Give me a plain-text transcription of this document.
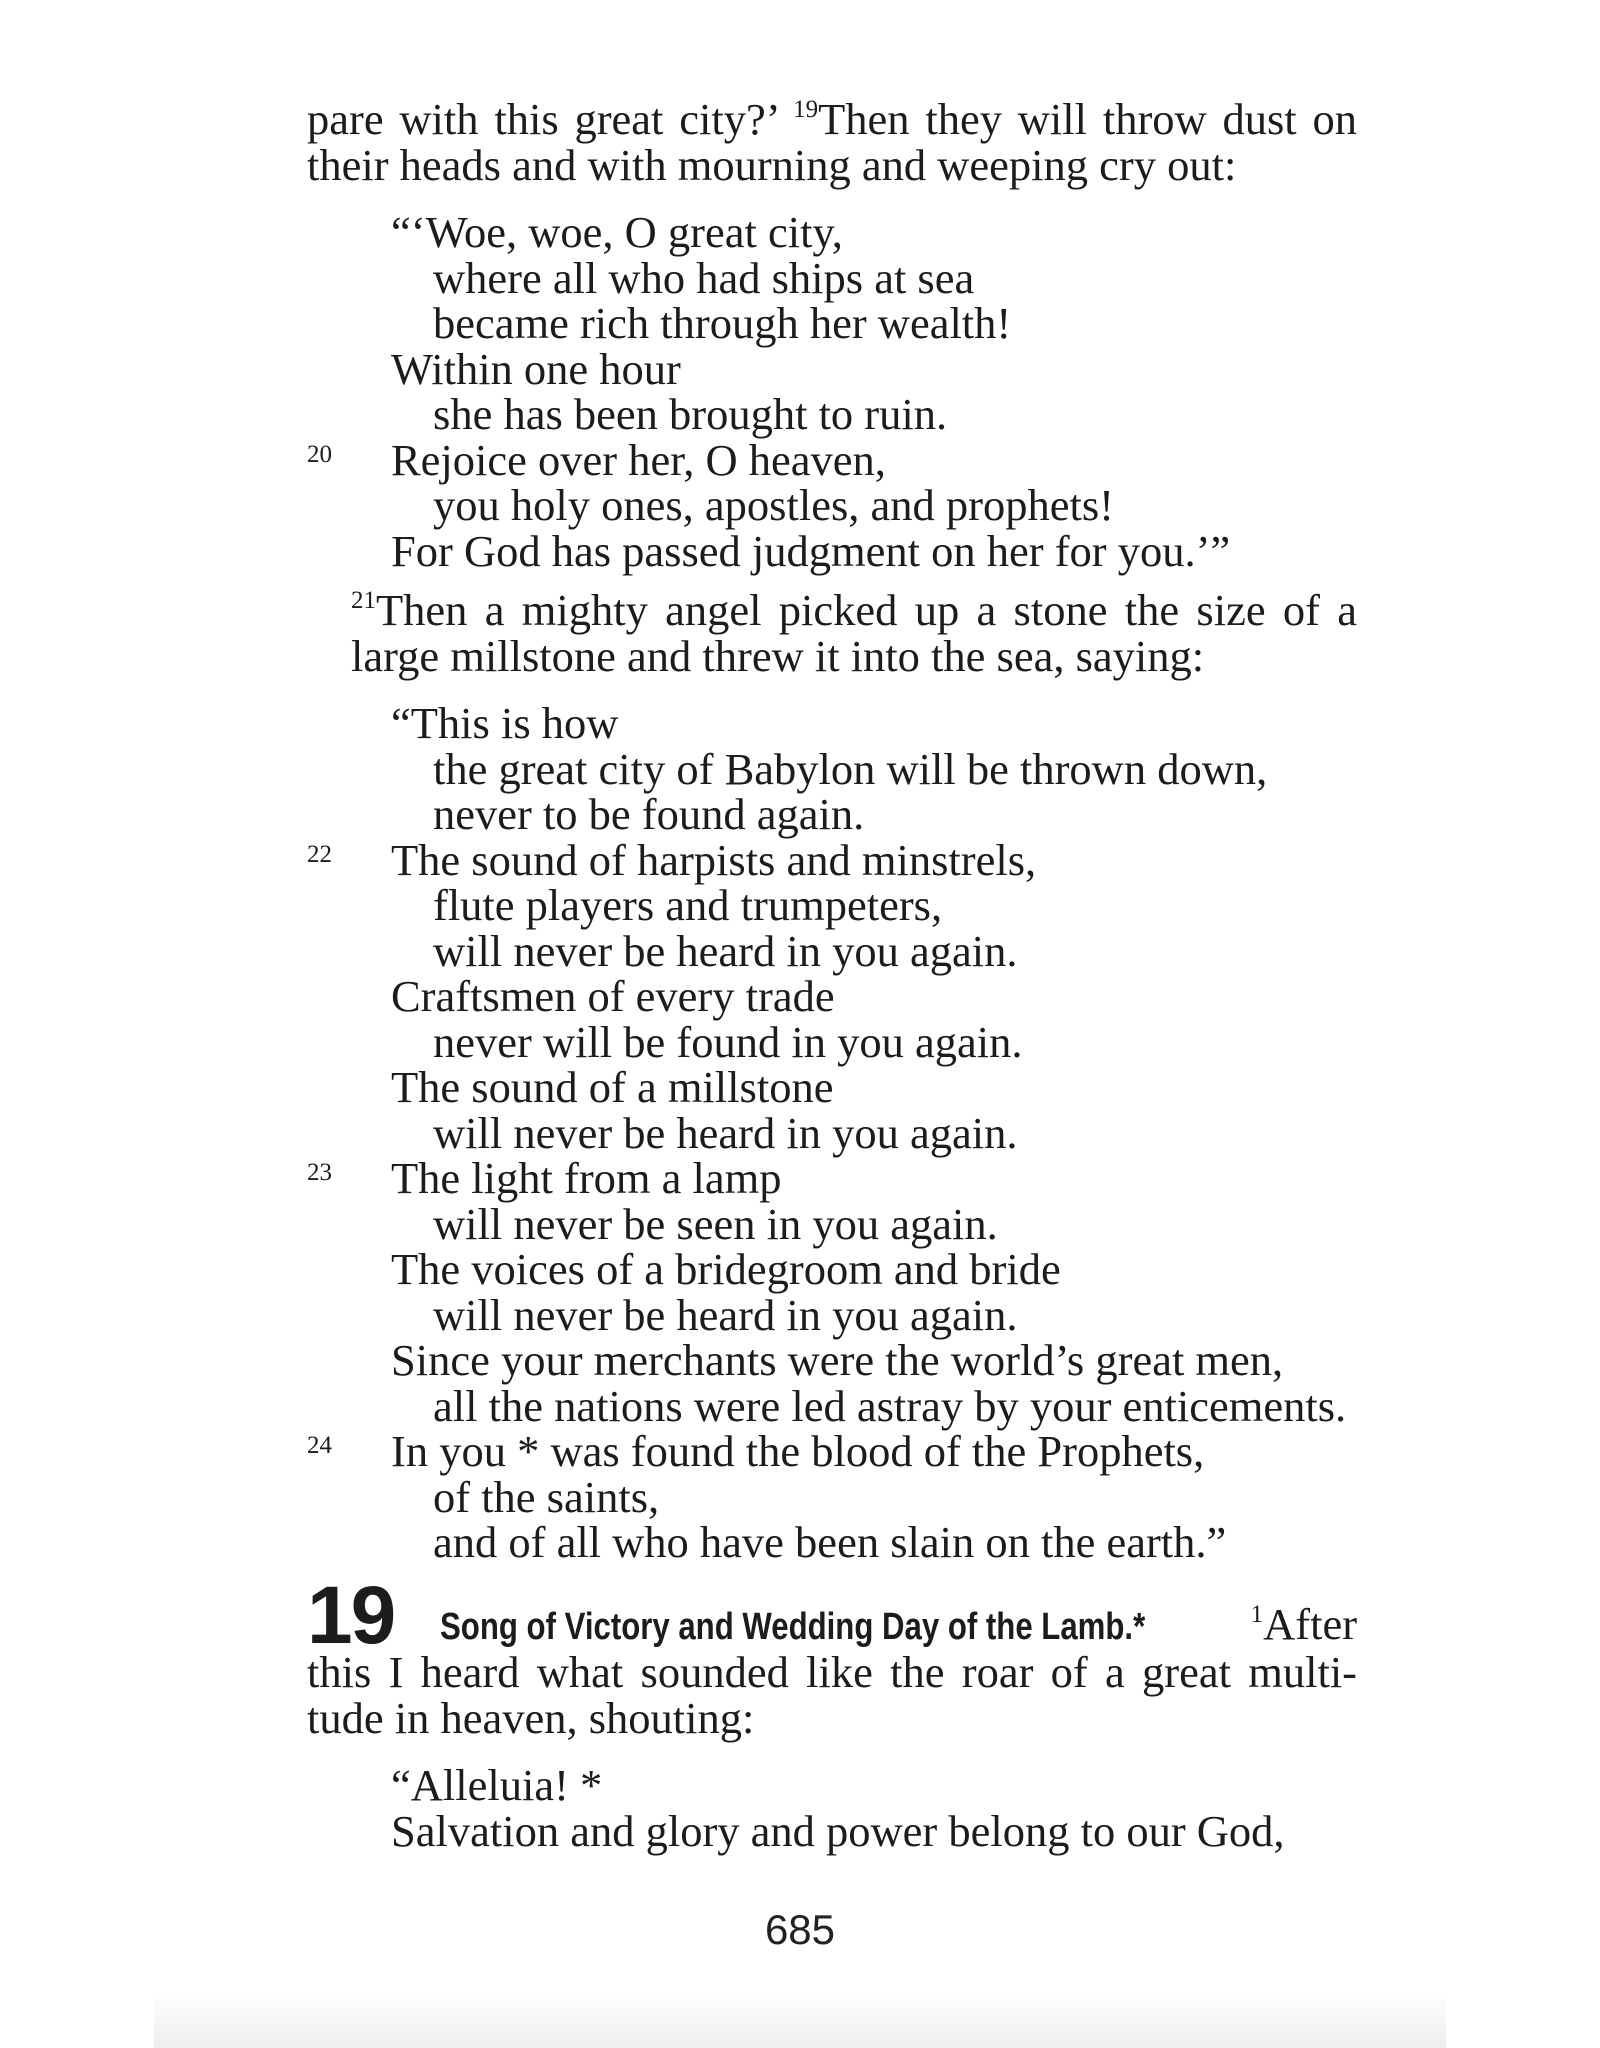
pare with this great city?’ $^{19}$Then they will throw dust on
their heads and with mourning and weeping cry out:
“‘Woe, woe, O great city,
where all who had ships at sea
became rich through her wealth!
Within one hour
she has been brought to ruin.
20 Rejoice over her, O heaven,
you holy ones, apostles, and prophets!
For God has passed judgment on her for you.’”
$^{21}$Then a mighty angel picked up a stone the size of a
large millstone and threw it into the sea, saying:
“This is how
the great city of Babylon will be thrown down,
never to be found again.
22 The sound of harpists and minstrels,
flute players and trumpeters,
will never be heard in you again.
Craftsmen of every trade
never will be found in you again.
The sound of a millstone
will never be heard in you again.
23 The light from a lamp
will never be seen in you again.
The voices of a bridegroom and bride
will never be heard in you again.
Since your merchants were the world’s great men,
all the nations were led astray by your enticements.
24 In you * was found the blood of the Prophets,
of the saints,
and of all who have been slain on the earth.”
19 Song of Victory and Wedding Day of the Lamb.*	$^1$After this I heard what sounded like the roar of a great multi-
tude in heaven, shouting:
“Alleluia! *
Salvation and glory and power belong to our God,
685
